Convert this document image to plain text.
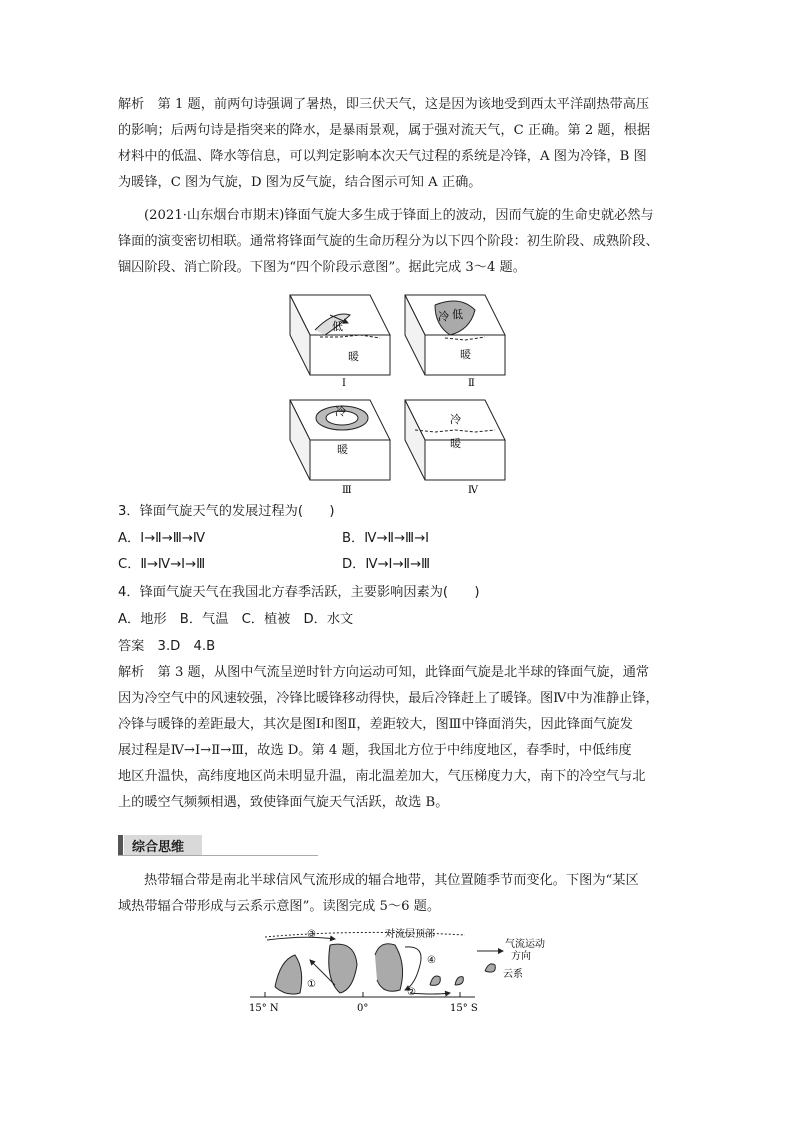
解析　第 1 题，前两句诗强调了暑热，即三伏天气，这是因为该地受到西太平洋副热带高压
的影响；后两句诗是指突来的降水，是暴雨景观，属于强对流天气，C 正确。第 2 题，根据
材料中的低温、降水等信息，可以判定影响本次天气过程的系统是冷锋，A 图为冷锋，B 图
为暖锋，C 图为气旋，D 图为反气旋，结合图示可知 A 正确。
(2021·山东烟台市期末)锋面气旋大多生成于锋面上的波动，因而气旋的生命史就必然与
锋面的演变密切相联。通常将锋面气旋的生命历程分为以下四个阶段：初生阶段、成熟阶段、
锢囚阶段、消亡阶段。下图为“四个阶段示意图”。据此完成 3～4 题。
低
暖
冷 低
暖
冷
暖
冷
暖
Ⅰ	Ⅱ
Ⅲ	Ⅳ

3．锋面气旋天气的发展过程为(　　)

A．Ⅰ→Ⅱ→Ⅲ→Ⅳ	B．Ⅳ→Ⅱ→Ⅲ→Ⅰ

C．Ⅱ→Ⅳ→Ⅰ→Ⅲ	D．Ⅳ→Ⅰ→Ⅱ→Ⅲ

4．锋面气旋天气在我国北方春季活跃，主要影响因素为(　　)

A．地形　B．气温　C．植被　D．水文

答案　3.D　4.B

解析　第 3 题，从图中气流呈逆时针方向运动可知，此锋面气旋是北半球的锋面气旋，通常
因为冷空气中的风速较强，冷锋比暖锋移动得快，最后冷锋赶上了暖锋。图Ⅳ中为准静止锋，
冷锋与暖锋的差距最大，其次是图Ⅰ和图Ⅱ，差距较大，图Ⅲ中锋面消失，因此锋面气旋发
展过程是Ⅳ→Ⅰ→Ⅱ→Ⅲ，故选 D。第 4 题，我国北方位于中纬度地区，春季时，中低纬度
地区升温快，高纬度地区尚未明显升温，南北温差加大，气压梯度力大，南下的冷空气与北
上的暖空气频频相遇，致使锋面气旋天气活跃，故选 B。
综合思维
热带辐合带是南北半球信风气流形成的辐合地带，其位置随季节而变化。下图为“某区
域热带辐合带形成与云系示意图”。读图完成 5～6 题。
③	对流层顶部
④
①
②
气流运动
方向
云系
15° N	0°	15° S
